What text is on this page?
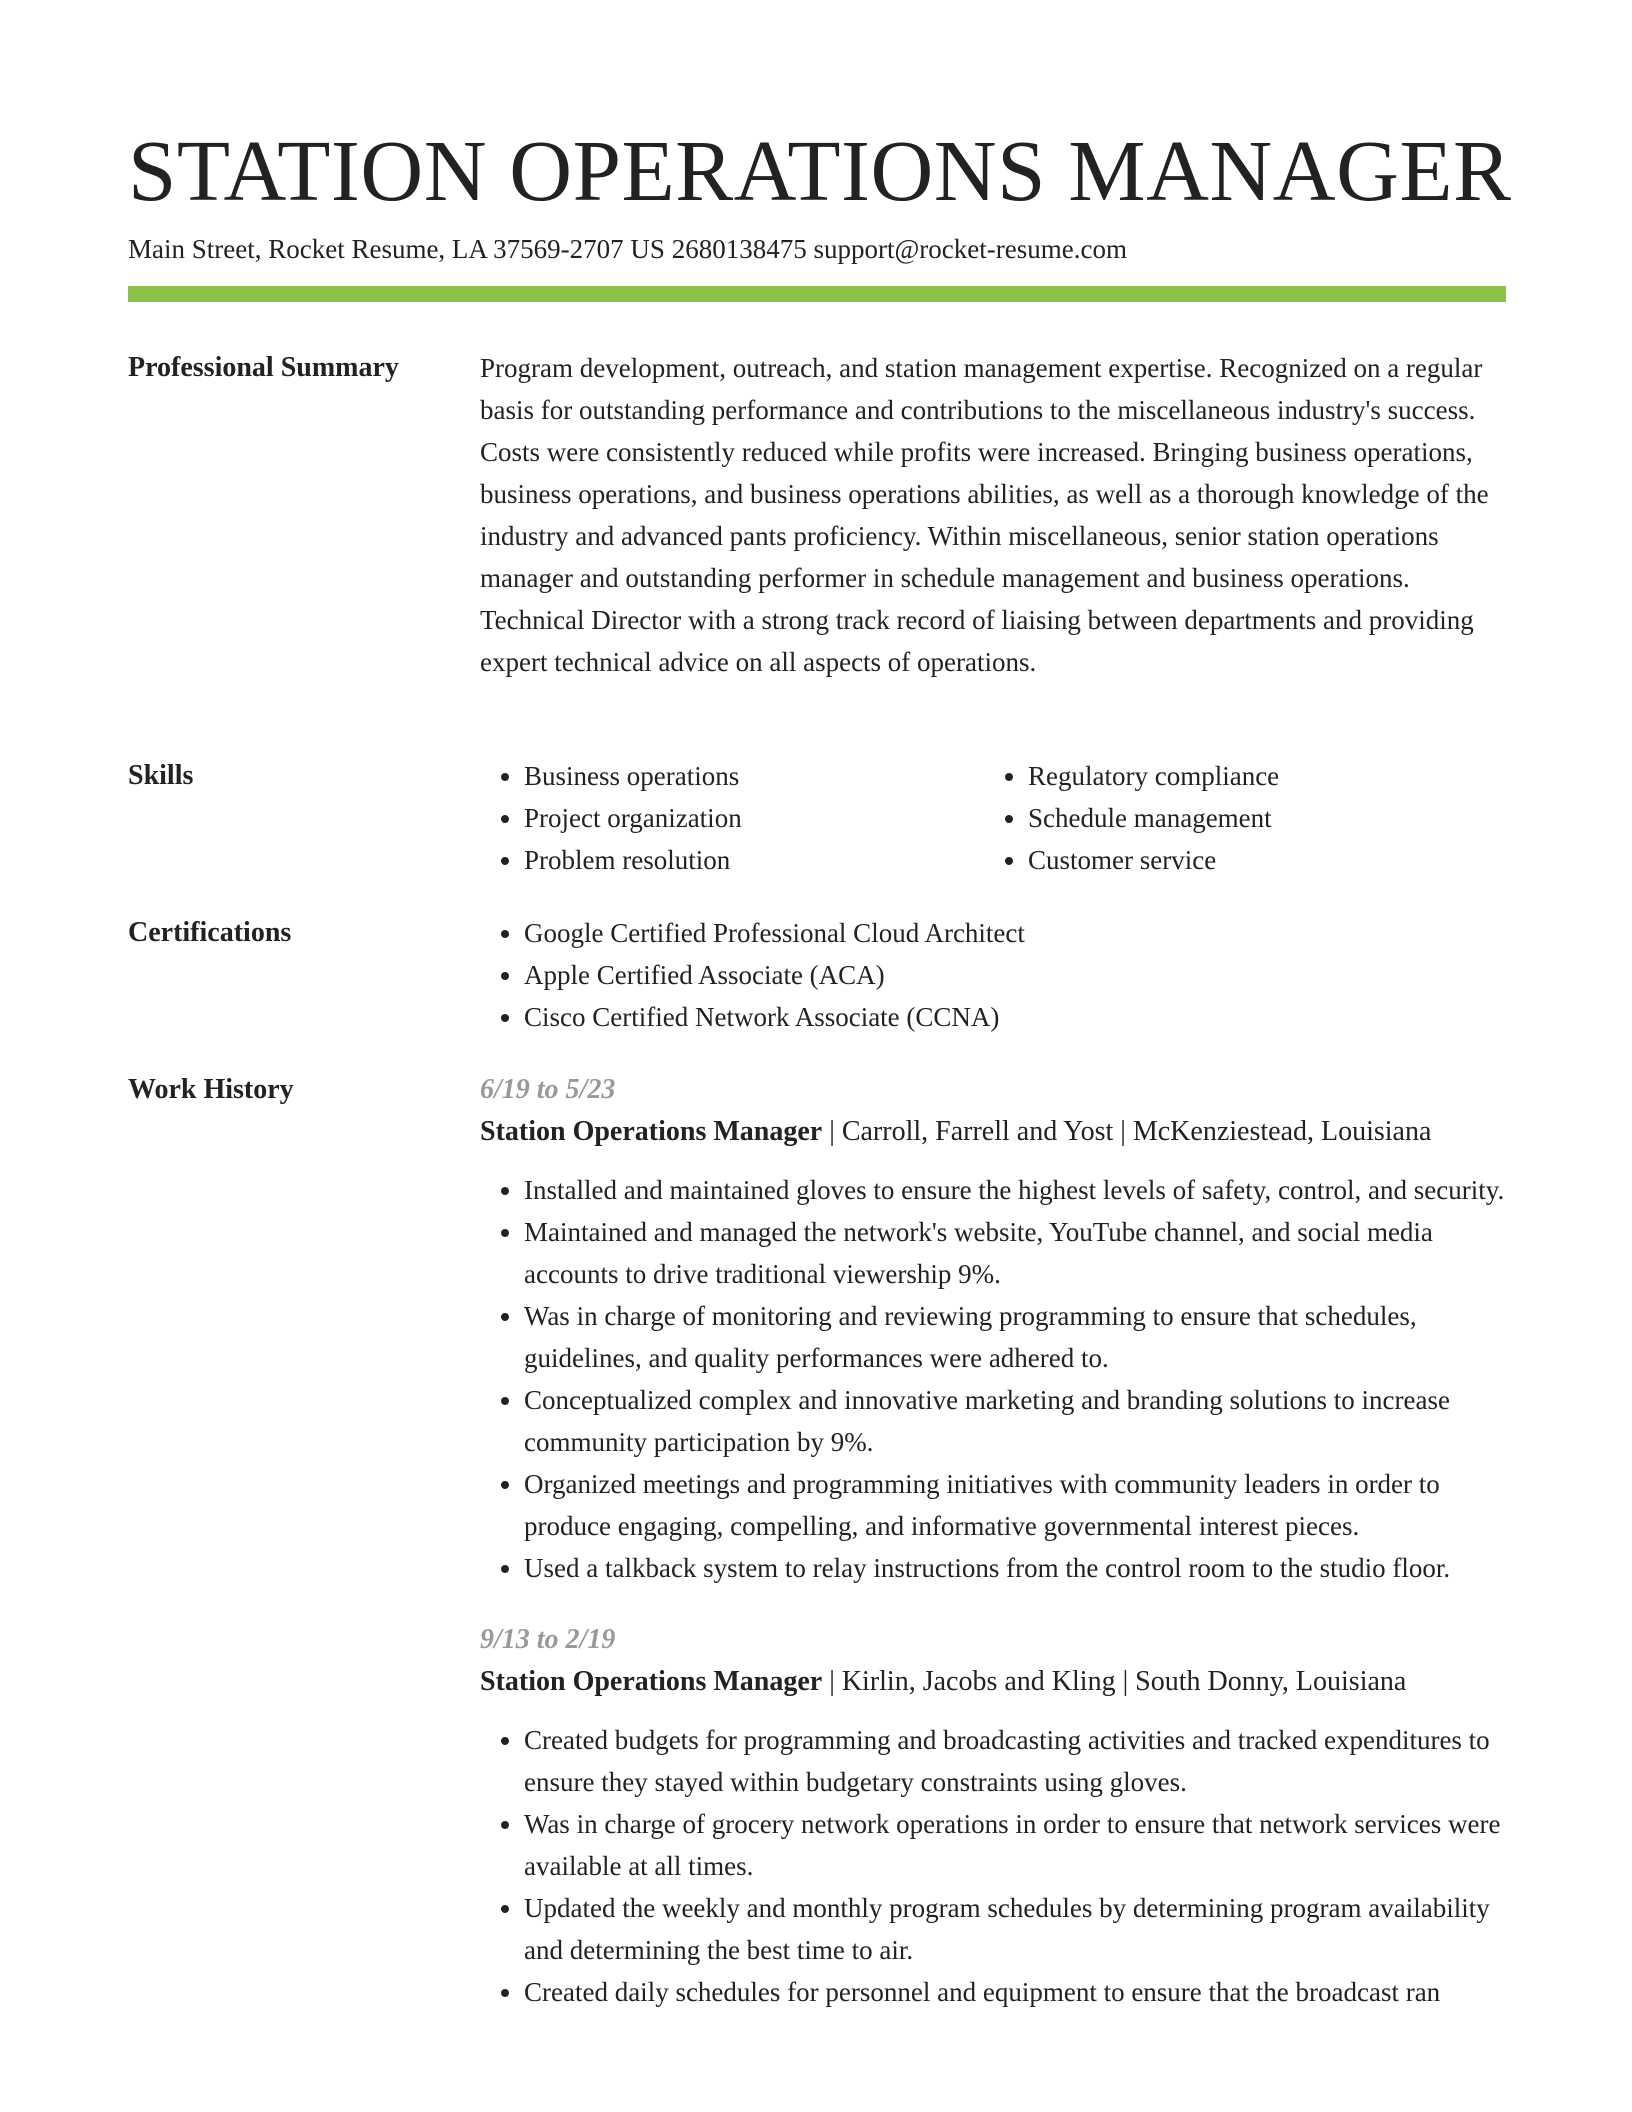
STATION OPERATIONS MANAGER
Main Street, Rocket Resume, LA 37569-2707 US 2680138475 support@rocket-resume.com
Professional Summary	Program development, outreach, and station management expertise. Recognized on a regular basis for outstanding performance and contributions to the miscellaneous industry's success. Costs were consistently reduced while profits were increased. Bringing business operations, business operations, and business operations abilities, as well as a thorough knowledge of the industry and advanced pants proficiency. Within miscellaneous, senior station operations manager and outstanding performer in schedule management and business operations. Technical Director with a strong track record of liaising between departments and providing expert technical advice on all aspects of operations.

Skills	• Business operations
• Project organization
• Problem resolution
• Regulatory compliance
• Schedule management
• Customer service
Certifications	• Google Certified Professional Cloud Architect
• Apple Certified Associate (ACA)
• Cisco Certified Network Associate (CCNA)
Work History	6/19 to 5/23
Station Operations Manager | Carroll, Farrell and Yost | McKenziestead, Louisiana
• Installed and maintained gloves to ensure the highest levels of safety, control, and security.
• Maintained and managed the network's website, YouTube channel, and social media accounts to drive traditional viewership 9%.
• Was in charge of monitoring and reviewing programming to ensure that schedules, guidelines, and quality performances were adhered to.
• Conceptualized complex and innovative marketing and branding solutions to increase community participation by 9%.
• Organized meetings and programming initiatives with community leaders in order to produce engaging, compelling, and informative governmental interest pieces.
• Used a talkback system to relay instructions from the control room to the studio floor.
9/13 to 2/19
Station Operations Manager | Kirlin, Jacobs and Kling | South Donny, Louisiana
• Created budgets for programming and broadcasting activities and tracked expenditures to ensure they stayed within budgetary constraints using gloves.
• Was in charge of grocery network operations in order to ensure that network services were available at all times.
• Updated the weekly and monthly program schedules by determining program availability and determining the best time to air.
• Created daily schedules for personnel and equipment to ensure that the broadcast ran
